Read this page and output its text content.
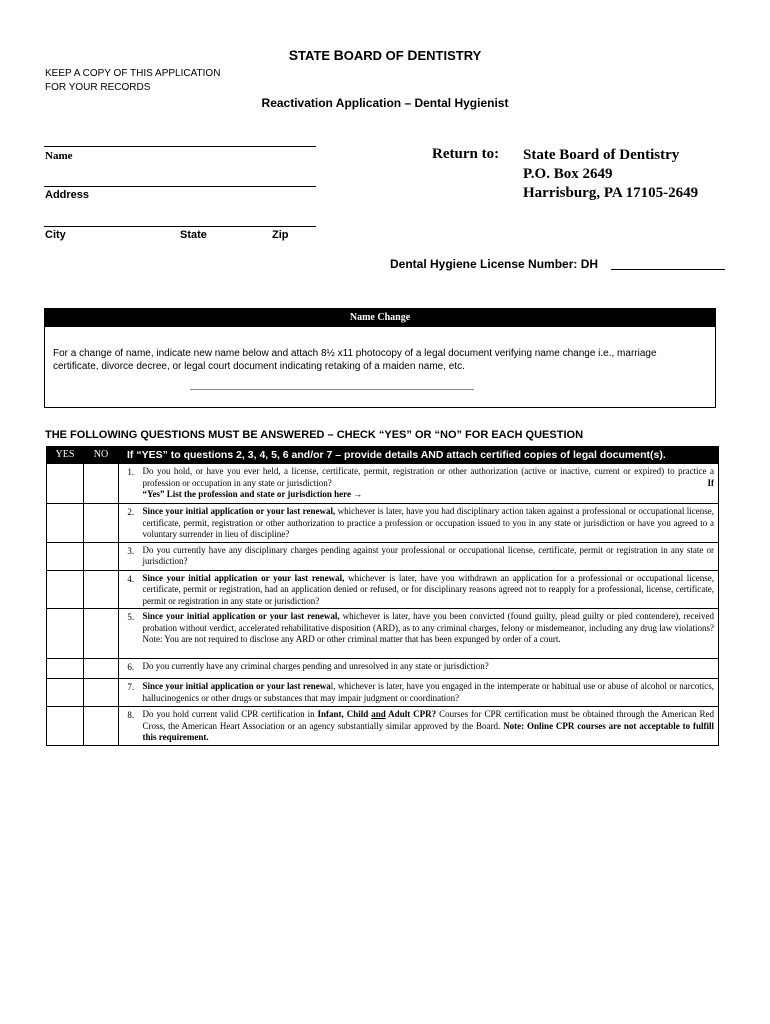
STATE BOARD OF DENTISTRY
KEEP A COPY OF THIS APPLICATION
FOR YOUR RECORDS
Reactivation Application – Dental Hygienist
Name
Address
City	State	Zip
Return to: State Board of Dentistry
P.O. Box 2649
Harrisburg, PA 17105-2649
Dental Hygiene License Number: DH
Name Change
For a change of name, indicate new name below and attach 8½ x11 photocopy of a legal document verifying name change i.e., marriage certificate, divorce decree, or legal court document indicating retaking of a maiden name, etc.
THE FOLLOWING QUESTIONS MUST BE ANSWERED – CHECK “YES” OR “NO” FOR EACH QUESTION
YES	NO	If “YES” to questions 2, 3, 4, 5, 6 and/or 7 – provide details AND attach certified copies of legal document(s).	
		1.	Do you hold, or have you ever held, a license, certificate, permit, registration or other authorization (active or inactive, current or expired) to practice a profession or occupation in any state or jurisdiction? If

“Yes” List the profession and state or jurisdiction here →
		2.	Since your initial application or your last renewal, whichever is later, have you had disciplinary action taken against a professional or occupational license, certificate, permit, registration or other authorization to practice a profession or occupation issued to you in any state or jurisdiction or have you agreed to a voluntary surrender in lieu of discipline?
		3.	Do you currently have any disciplinary charges pending against your professional or occupational license, certificate, permit or registration in any state or jurisdiction?
		4.	Since your initial application or your last renewal, whichever is later, have you withdrawn an application for a professional or occupational license, certificate, permit or registration, had an application denied or refused, or for disciplinary reasons agreed not to reapply for a professional, license, certificate, permit or registration in any state or jurisdiction?
		5.	Since your initial application or your last renewal, whichever is later, have you been convicted (found guilty, plead guilty or pled contendere), received probation without verdict, accelerated rehabilitative disposition (ARD), as to any criminal charges, felony or misdemeanor, including any drug law violations? Note: You are not required to disclose any ARD or other criminal matter that has been expunged by order of a court.
		6.	Do you currently have any criminal charges pending and unresolved in any state or jurisdiction?
		7.	Since your initial application or your last renewal, whichever is later, have you engaged in the intemperate or habitual use or abuse of alcohol or narcotics, hallucinogenics or other drugs or substances that may impair judgment or coordination?
		8.	Do you hold current valid CPR certification in Infant, Child and Adult CPR? Courses for CPR certification must be obtained through the American Red Cross, the American Heart Association or an agency substantially similar approved by the Board. Note: Online CPR courses are not acceptable to fulfill this requirement.
